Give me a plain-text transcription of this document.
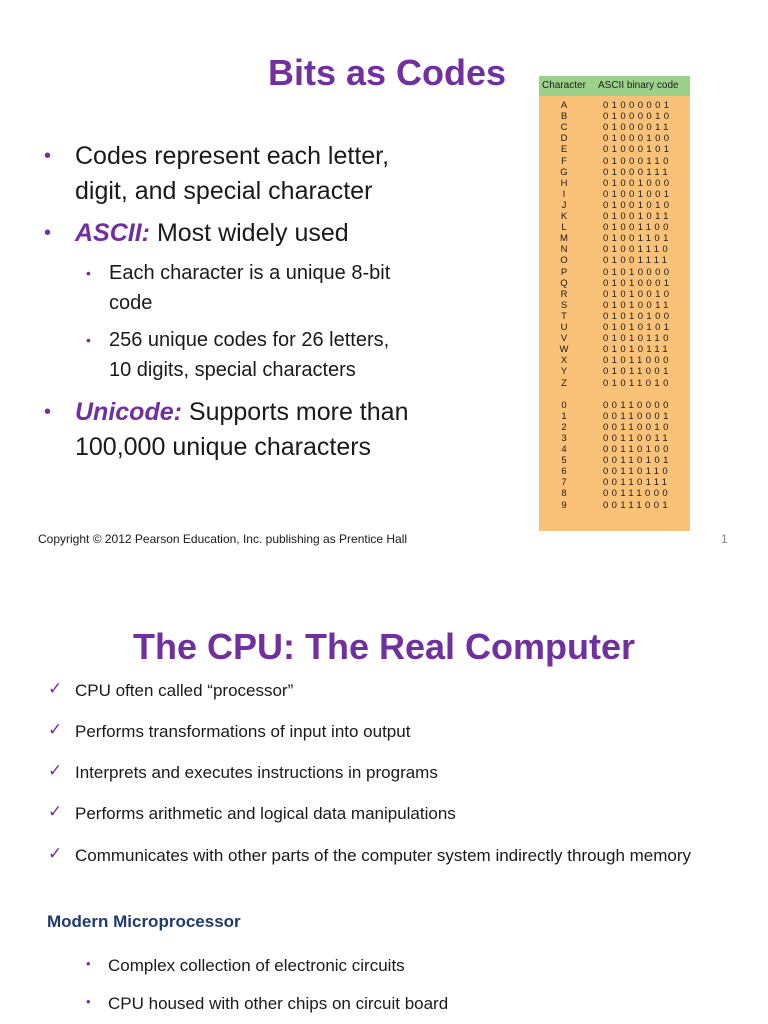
Bits as Codes
• Codes represent each letter,
digit, and special character
• ASCII: Most widely used
• Each character is a unique 8-bit
code
• 256 unique codes for 26 letters,
10 digits, special characters
• Unicode: Supports more than
100,000 unique characters
Character ASCII binary code
A	01000001
B	01000010
C	01000011
D	01000100
E	01000101
F	01000110
G	01000111
H	01001000
I	01001001
J	01001010
K	01001011
L	01001100
M	01001101
N	01001110
O	01001111
P	01010000
Q	01010001
R	01010010
S	01010011
T	01010100
U	01010101
V	01010110
W	01010111
X	01011000
Y	01011001
Z	01011010
0	00110000
1	00110001
2	00110010
3	00110011
4	00110100
5	00110101
6	00110110
7	00110111
8	00111000
9	00111001
Copyright © 2012 Pearson Education, Inc. publishing as Prentice Hall	1
The CPU: The Real Computer
✓ CPU often called “processor”
✓ Performs transformations of input into output
✓ Interprets and executes instructions in programs
✓ Performs arithmetic and logical data manipulations
✓ Communicates with other parts of the computer system indirectly through memory
Modern Microprocessor
• Complex collection of electronic circuits
• CPU housed with other chips on circuit board
